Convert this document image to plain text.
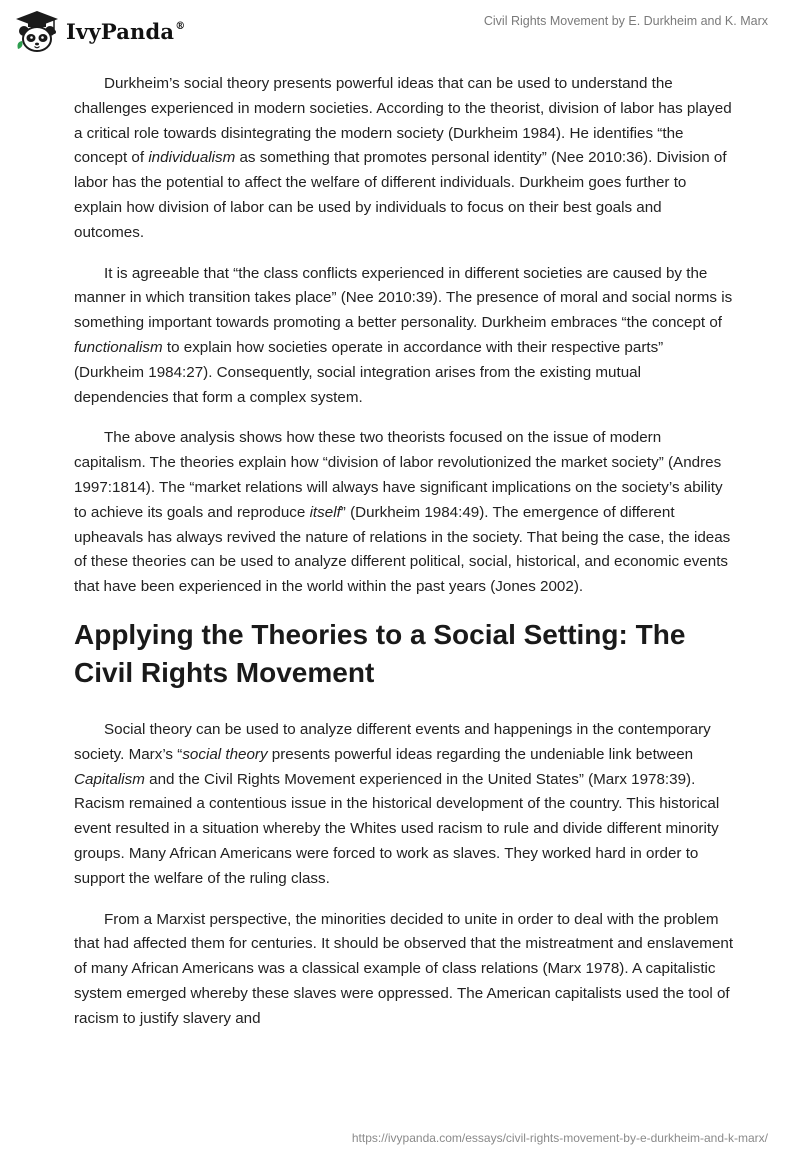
IvyPanda®	Civil Rights Movement by E. Durkheim and K. Marx

Durkheim’s social theory presents powerful ideas that can be used to understand the challenges experienced in modern societies. According to the theorist, division of labor has played a critical role towards disintegrating the modern society (Durkheim 1984). He identifies “the concept of individualism as something that promotes personal identity” (Nee 2010:36). Division of labor has the potential to affect the welfare of different individuals. Durkheim goes further to explain how division of labor can be used by individuals to focus on their best goals and outcomes.

It is agreeable that “the class conflicts experienced in different societies are caused by the manner in which transition takes place” (Nee 2010:39). The presence of moral and social norms is something important towards promoting a better personality. Durkheim embraces “the concept of functionalism to explain how societies operate in accordance with their respective parts” (Durkheim 1984:27). Consequently, social integration arises from the existing mutual dependencies that form a complex system.

The above analysis shows how these two theorists focused on the issue of modern capitalism. The theories explain how “division of labor revolutionized the market society” (Andres 1997:1814). The “market relations will always have significant implications on the society’s ability to achieve its goals and reproduce itself” (Durkheim 1984:49). The emergence of different upheavals has always revived the nature of relations in the society. That being the case, the ideas of these theories can be used to analyze different political, social, historical, and economic events that have been experienced in the world within the past years (Jones 2002).

Applying the Theories to a Social Setting: The Civil Rights Movement

Social theory can be used to analyze different events and happenings in the contemporary society. Marx’s “social theory presents powerful ideas regarding the undeniable link between Capitalism and the Civil Rights Movement experienced in the United States” (Marx 1978:39). Racism remained a contentious issue in the historical development of the country. This historical event resulted in a situation whereby the Whites used racism to rule and divide different minority groups. Many African Americans were forced to work as slaves. They worked hard in order to support the welfare of the ruling class.

From a Marxist perspective, the minorities decided to unite in order to deal with the problem that had affected them for centuries. It should be observed that the mistreatment and enslavement of many African Americans was a classical example of class relations (Marx 1978). A capitalistic system emerged whereby these slaves were oppressed. The American capitalists used the tool of racism to justify slavery and

https://ivypanda.com/essays/civil-rights-movement-by-e-durkheim-and-k-marx/
